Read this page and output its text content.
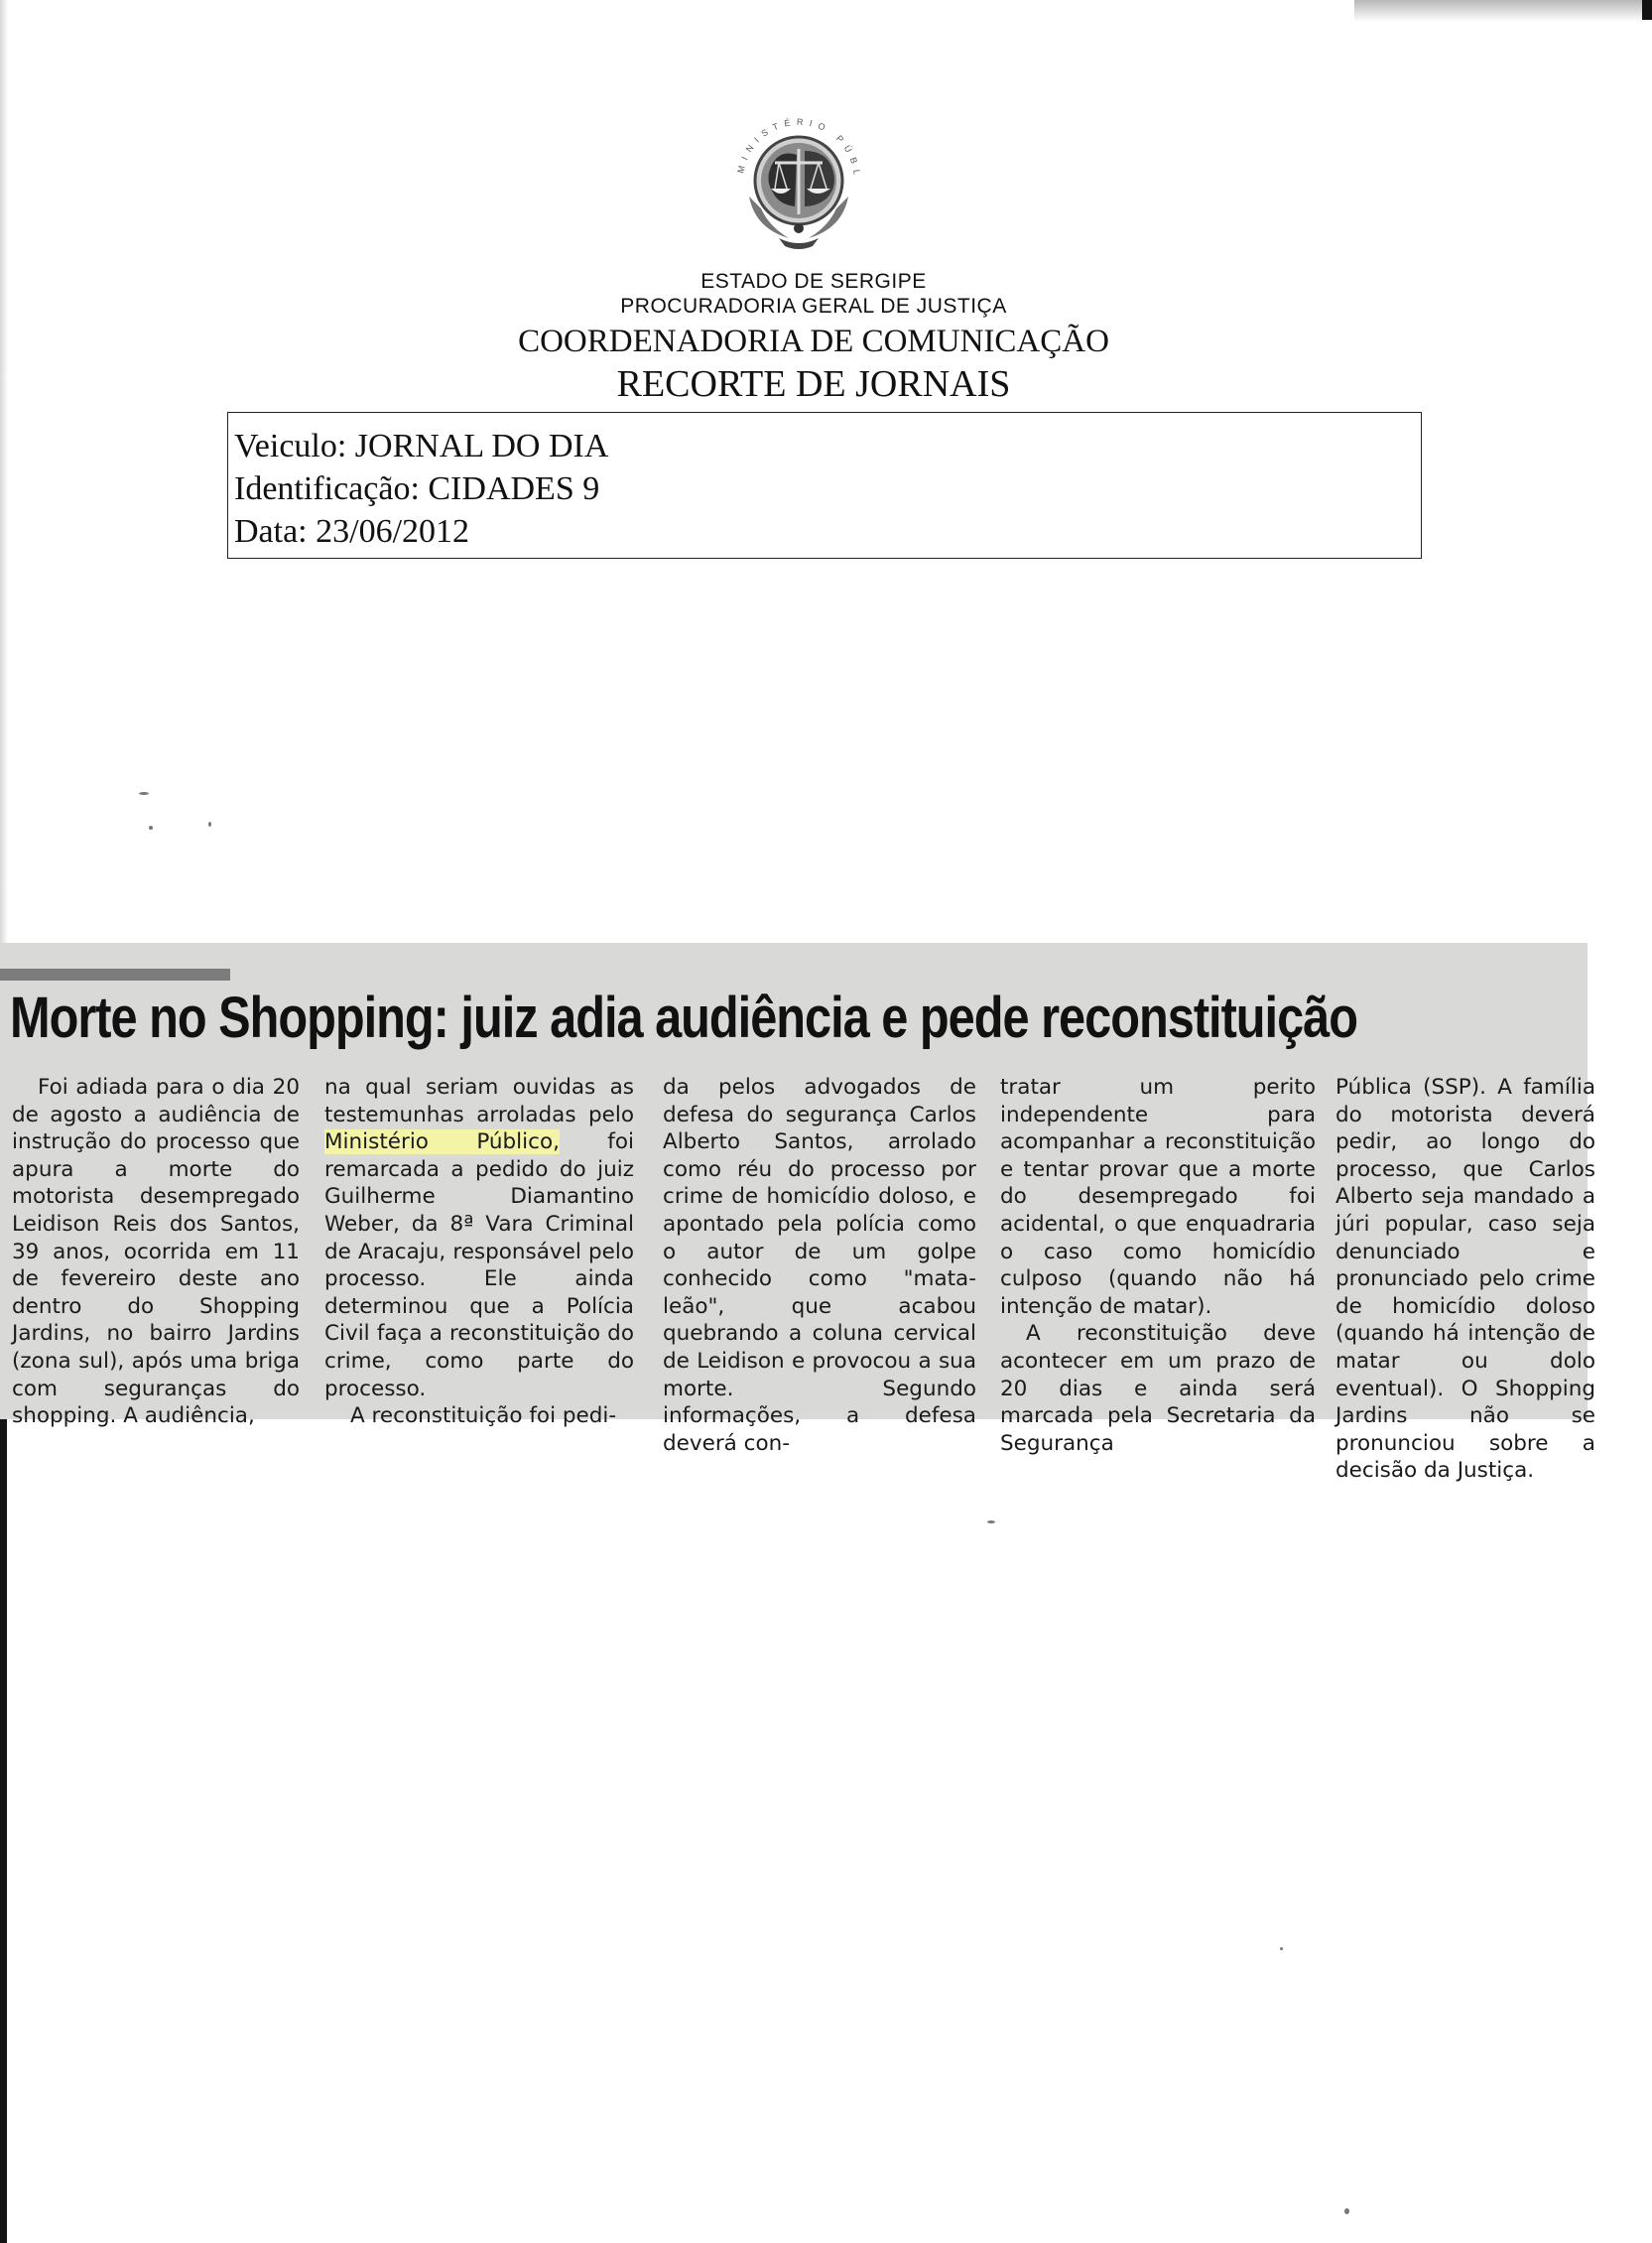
MINISTÉRIO PÚBL
ESTADO DE SERGIPE
PROCURADORIA GERAL DE JUSTIÇA
COORDENADORIA DE COMUNICAÇÃO
RECORTE DE JORNAIS
Veiculo: JORNAL DO DIA
Identificação: CIDADES 9
Data: 23/06/2012
Morte no Shopping: juiz adia audiência e pede reconstituição

Foi adiada para o dia 20 de agosto a audiência de instrução do processo que apura a morte do motorista desempregado Leidison Reis dos Santos, 39 anos, ocorrida em 11 de fevereiro deste ano dentro do Shopping Jardins, no bairro Jardins (zona sul), após uma briga com seguranças do shopping. A audiência,

na qual seriam ouvidas as testemunhas arroladas pelo Ministério Público, foi remarcada a pedido do juiz Guilherme Diamantino Weber, da 8ª Vara Criminal de Aracaju, responsável pelo processo. Ele ainda determinou que a Polícia Civil faça a reconstituição do crime, como parte do processo.

A reconstituição foi pedi-

da pelos advogados de defesa do segurança Carlos Alberto Santos, arrolado como réu do processo por crime de homicídio doloso, e apontado pela polícia como o autor de um golpe conhecido como "mata-leão", que acabou quebrando a coluna cervical de Leidison e provocou a sua morte. Segundo informações, a defesa deverá con-

tratar um perito independente para acompanhar a reconstituição e tentar provar que a morte do desempregado foi acidental, o que enquadraria o caso como homicídio culposo (quando não há intenção de matar).

A reconstituição deve acontecer em um prazo de 20 dias e ainda será marcada pela Secretaria da Segurança

Pública (SSP). A família do motorista deverá pedir, ao longo do processo, que Carlos Alberto seja mandado a júri popular, caso seja denunciado e pronunciado pelo crime de homicídio doloso (quando há intenção de matar ou dolo eventual). O Shopping Jardins não se pronunciou sobre a decisão da Justiça.
